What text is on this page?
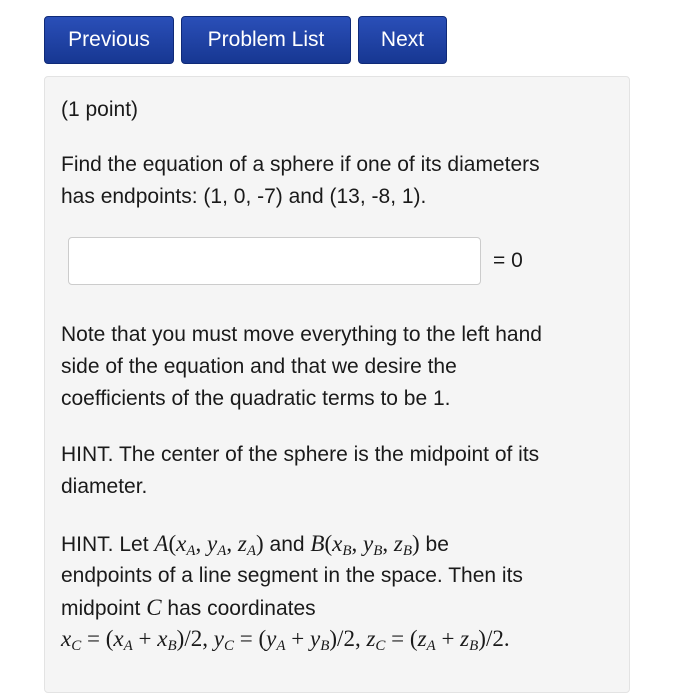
Previous	Problem List	Next
(1 point)
Find the equation of a sphere if one of its diameters
has endpoints: (1, 0, -7) and (13, -8, 1).
= 0
Note that you must move everything to the left hand
side of the equation and that we desire the
coefficients of the quadratic terms to be 1.
HINT. The center of the sphere is the midpoint of its
diameter.
HINT. Let $A(x_A$, $y_A$, $z_A$) and $B(x_B$, $y_B$, $z_B$) be
endpoints of a line segment in the space. Then its
midpoint C has coordinates
$x_C = (x_A + x_B)/2$, $y_C = (y_A + y_B)/2$, $z_C = (z_A + z_B)/2$.
